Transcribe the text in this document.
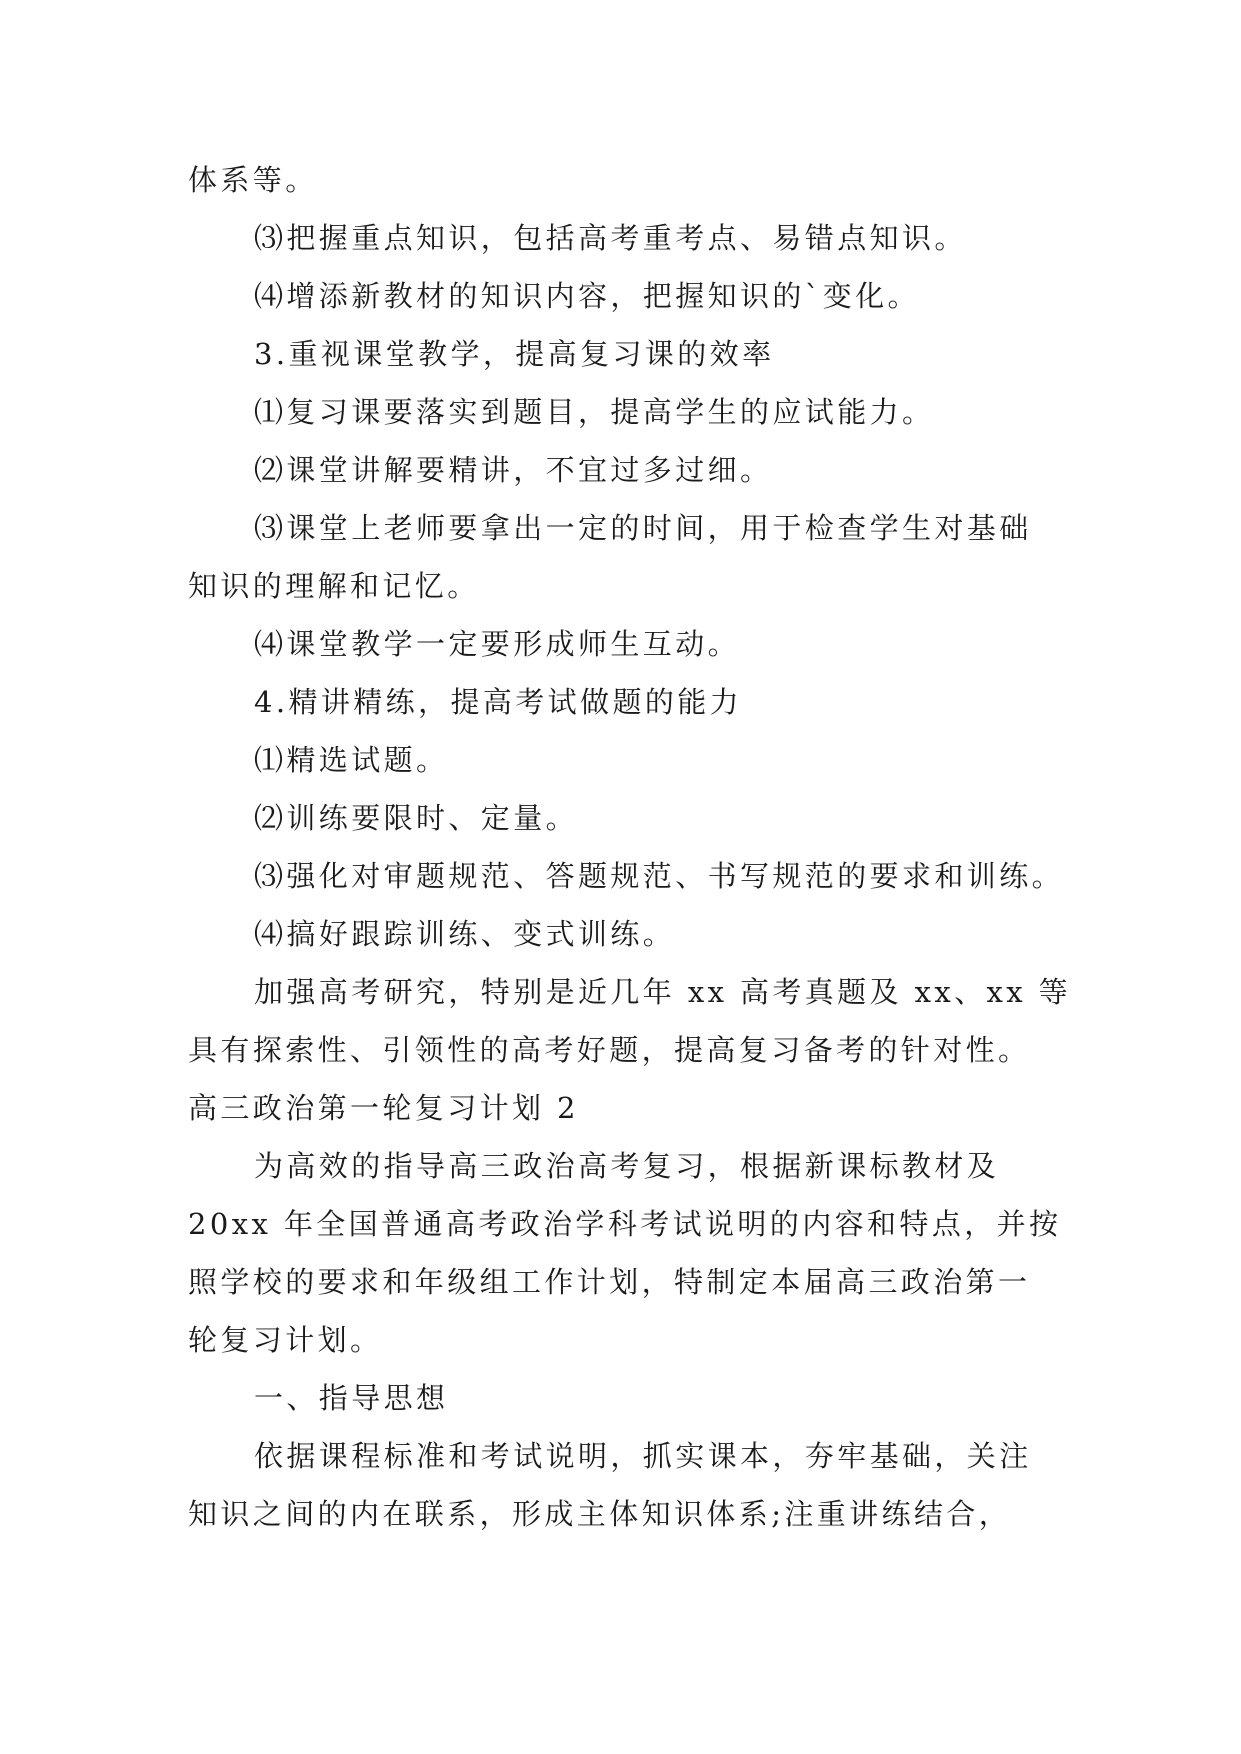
体系等。
⑶把握重点知识，包括高考重考点、易错点知识。
⑷增添新教材的知识内容，把握知识的`变化。
3.重视课堂教学，提高复习课的效率
⑴复习课要落实到题目，提高学生的应试能力。
⑵课堂讲解要精讲，不宜过多过细。
⑶课堂上老师要拿出一定的时间，用于检查学生对基础
知识的理解和记忆。
⑷课堂教学一定要形成师生互动。
4.精讲精练，提高考试做题的能力
⑴精选试题。
⑵训练要限时、定量。
⑶强化对审题规范、答题规范、书写规范的要求和训练。
⑷搞好跟踪训练、变式训练。
加强高考研究，特别是近几年 xx 高考真题及 xx、xx 等
具有探索性、引领性的高考好题，提高复习备考的针对性。
高三政治第一轮复习计划 2
为高效的指导高三政治高考复习，根据新课标教材及
20xx 年全国普通高考政治学科考试说明的内容和特点，并按
照学校的要求和年级组工作计划，特制定本届高三政治第一
轮复习计划。
一、指导思想
依据课程标准和考试说明，抓实课本，夯牢基础，关注
知识之间的内在联系，形成主体知识体系;注重讲练结合，
